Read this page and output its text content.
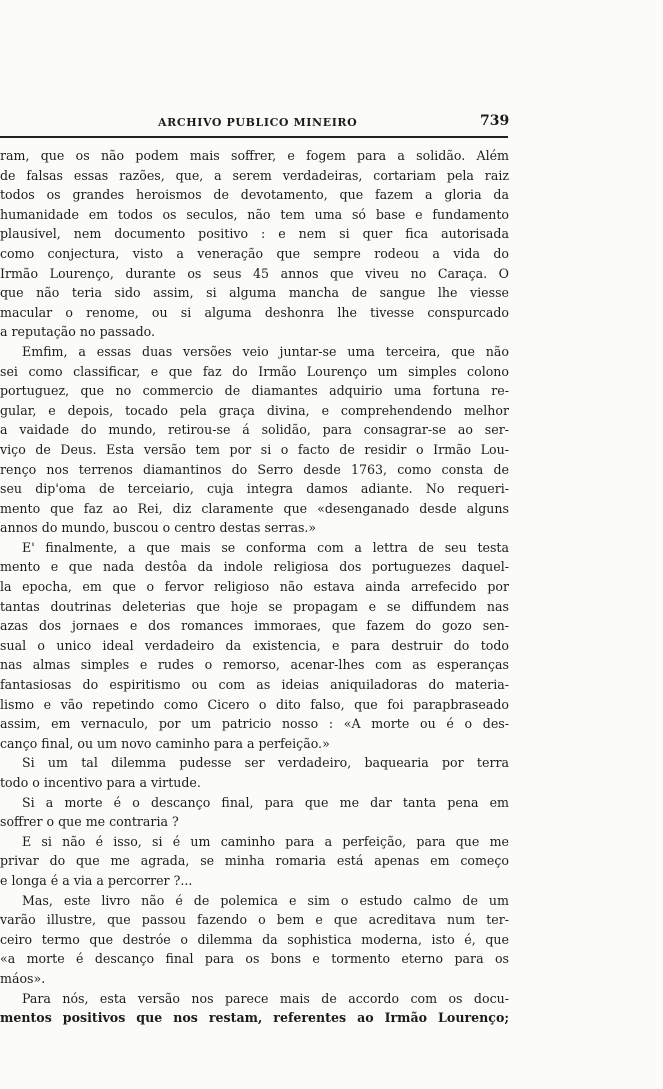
ARCHIVO PUBLICO MINEIRO	739
ram, que os não podem mais soffrer, e fogem para a solidão. Além
de falsas essas razões, que, a serem verdadeiras, cortariam pela raiz
todos os grandes heroismos de devotamento, que fazem a gloria da
humanidade em todos os seculos, não tem uma só base e fundamento
plausivel, nem documento positivo : e nem si quer fica autorisada
como conjectura, visto a veneração que sempre rodeou a vida do
Irmão Lourenço, durante os seus 45 annos que viveu no Caraça. O
que não teria sido assim, si alguma mancha de sangue lhe viesse
macular o renome, ou si alguma deshonra lhe tivesse conspurcado
a reputação no passado.
Emfim, a essas duas versões veio juntar-se uma terceira, que não
sei como classificar, e que faz do Irmão Lourenço um simples colono
portuguez, que no commercio de diamantes adquirio uma fortuna re-
gular, e depois, tocado pela graça divina, e comprehendendo melhor
a vaidade do mundo, retirou-se á solidão, para consagrar-se ao ser-
viço de Deus. Esta versão tem por si o facto de residir o Irmão Lou-
renço nos terrenos diamantinos do Serro desde 1763, como consta de
seu dip'oma de terceiario, cuja integra damos adiante. No requeri-
mento que faz ao Rei, diz claramente que «desenganado desde alguns
annos do mundo, buscou o centro destas serras.»
E' finalmente, a que mais se conforma com a lettra de seu testa
mento e que nada destôa da indole religiosa dos portuguezes daquel-
la epocha, em que o fervor religioso não estava ainda arrefecido por
tantas doutrinas deleterias que hoje se propagam e se diffundem nas
azas dos jornaes e dos romances immoraes, que fazem do gozo sen-
sual o unico ideal verdadeiro da existencia, e para destruir do todo
nas almas simples e rudes o remorso, acenar-lhes com as esperanças
fantasiosas do espiritismo ou com as ideias aniquiladoras do materia-
lismo e vão repetindo como Cicero o dito falso, que foi parapbraseado
assim, em vernaculo, por um patricio nosso : «A morte ou é o des-
canço final, ou um novo caminho para a perfeição.»
Si um tal dilemma pudesse ser verdadeiro, baquearia por terra
todo o incentivo para a virtude.
Si a morte é o descanço final, para que me dar tanta pena em
soffrer o que me contraria ?
E si não é isso, si é um caminho para a perfeição, para que me
privar do que me agrada, se minha romaria está apenas em começo
e longa é a via a percorrer ?...
Mas, este livro não é de polemica e sim o estudo calmo de um
varão illustre, que passou fazendo o bem e que acreditava num ter-
ceiro termo que destróe o dilemma da sophistica moderna, isto é, que
«a morte é descanço final para os bons e tormento eterno para os
máos».
Para nós, esta versão nos parece mais de accordo com os docu-
mentos positivos que nos restam, referentes ao Irmão Lourenço;
